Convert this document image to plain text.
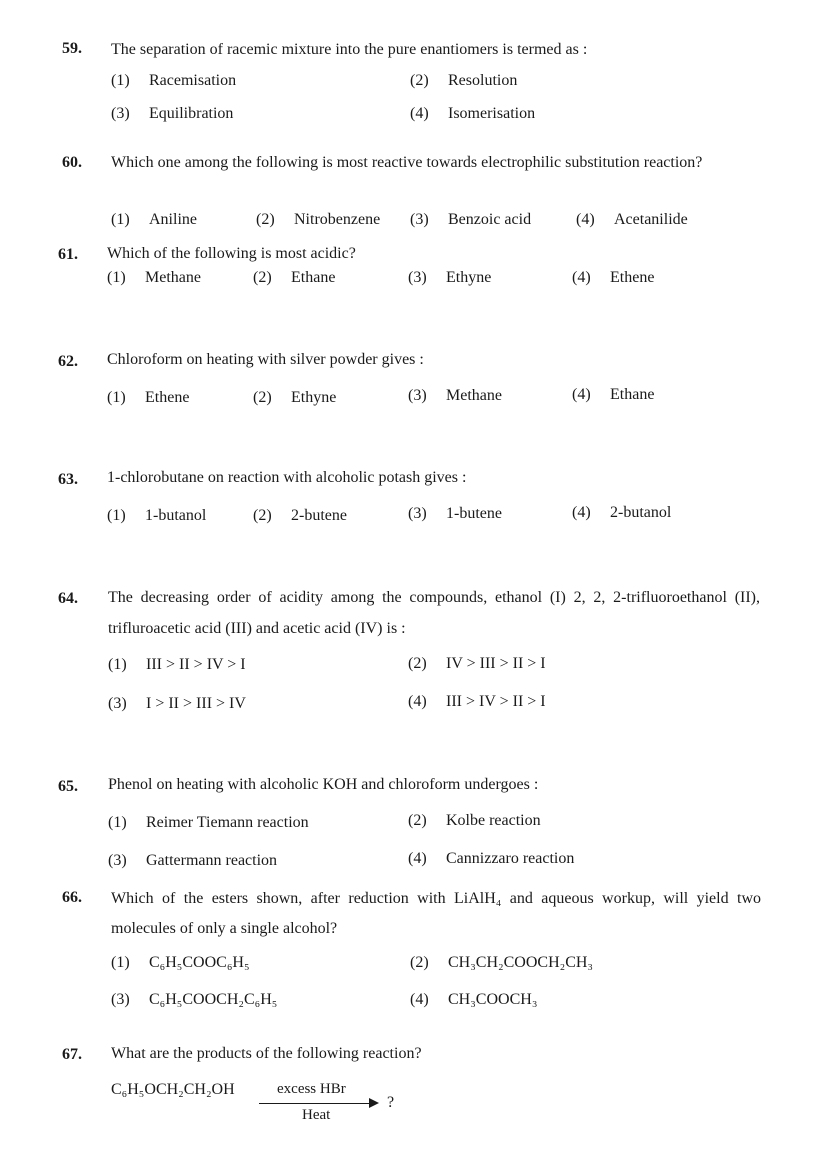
59. The separation of racemic mixture into the pure enantiomers is termed as :
(1) Racemisation	(2) Resolution
(3) Equilibration	(4) Isomerisation
60. Which one among the following is most reactive towards electrophilic substitution reaction?
(1) Aniline	(2) Nitrobenzene (3) Benzoic acid	(4) Acetanilide
61. Which of the following is most acidic?
(1) Methane	(2) Ethane	(3) Ethyne	(4) Ethene
62. Chloroform on heating with silver powder gives :
(1) Ethene	(2) Ethyne	(3) Methane	(4) Ethane
63. 1-chlorobutane on reaction with alcoholic potash gives :
(1) 1-butanol	(2) 2-butene	(3) 1-butene	(4) 2-butanol
64. The decreasing order of acidity among the compounds, ethanol (I) 2, 2, 2-trifluoroethanol (II), trifluroacetic acid (III) and acetic acid (IV) is :
(1) III > II > IV > I	(2) IV > III > II > I
(3) I > II > III > IV	(4) III > IV > II > I
65. Phenol on heating with alcoholic KOH and chloroform undergoes :
(1) Reimer Tiemann reaction	(2) Kolbe reaction
(3) Gattermann reaction	(4) Cannizzaro reaction
66. Which of the esters shown, after reduction with LiAlH₄ and aqueous workup, will yield two molecules of only a single alcohol?
(1) C₆H₅COOC₆H₅	(2) CH₃CH₂COOCH₂CH₃
(3) C₆H₅COOCH₂C₆H₅	(4) CH₃COOCH₃
67. What are the products of the following reaction?
C₆H₅OCH₂CH₂OH	excess HBr
Heat
?
